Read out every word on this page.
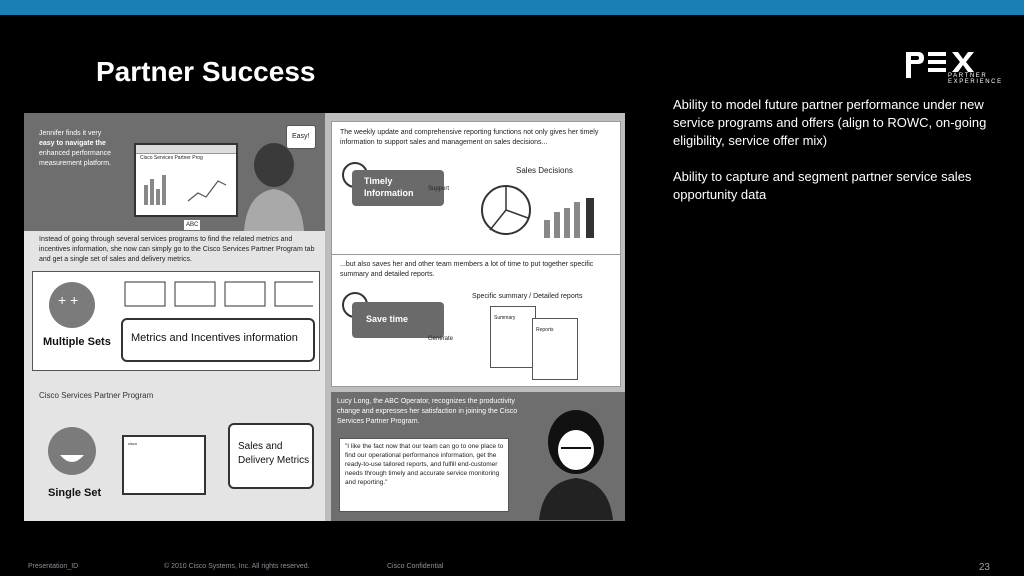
Partner Success	PARTNER EXPERIENCE

Ability to model future partner performance under new service programs and offers (align to ROWC, on-going eligibility, service offer mix)

Ability to capture and segment partner service sales opportunity data

Jennifer finds it very
easy to navigate the
enhanced performance
measurement platform.
Cisco Services Partner Prog
ABC
Easy!
Instead of going through several services programs to find the related metrics and incentives information, she now can simply go to the Cisco Services Partner Program tab and get a single set of sales and delivery metrics.
+ +
Multiple Sets Metrics and Incentives information
Cisco Services Partner Program
Single Set
cisco	Sales and
Delivery Metrics
The weekly update and comprehensive reporting functions not only gives her timely information to support sales and management on sales decisions...
Timely
Information Support
Sales Decisions
...but also saves her and other team members a lot of time to put together specific summary and detailed reports.
Specific summary / Detailed reports
Save time
Generate
Summary
Reports
Lucy Long, the ABC Operator, recognizes the productivity change and expresses her satisfaction in joining the Cisco Services Partner Program.
"I like the fact now that our team can go to one place to find our operational performance information, get the ready-to-use tailored reports, and fulfill end-customer needs through timely and accurate service monitoring and reporting."
Presentation_ID	© 2010 Cisco Systems, Inc. All rights reserved.	Cisco Confidential	23
